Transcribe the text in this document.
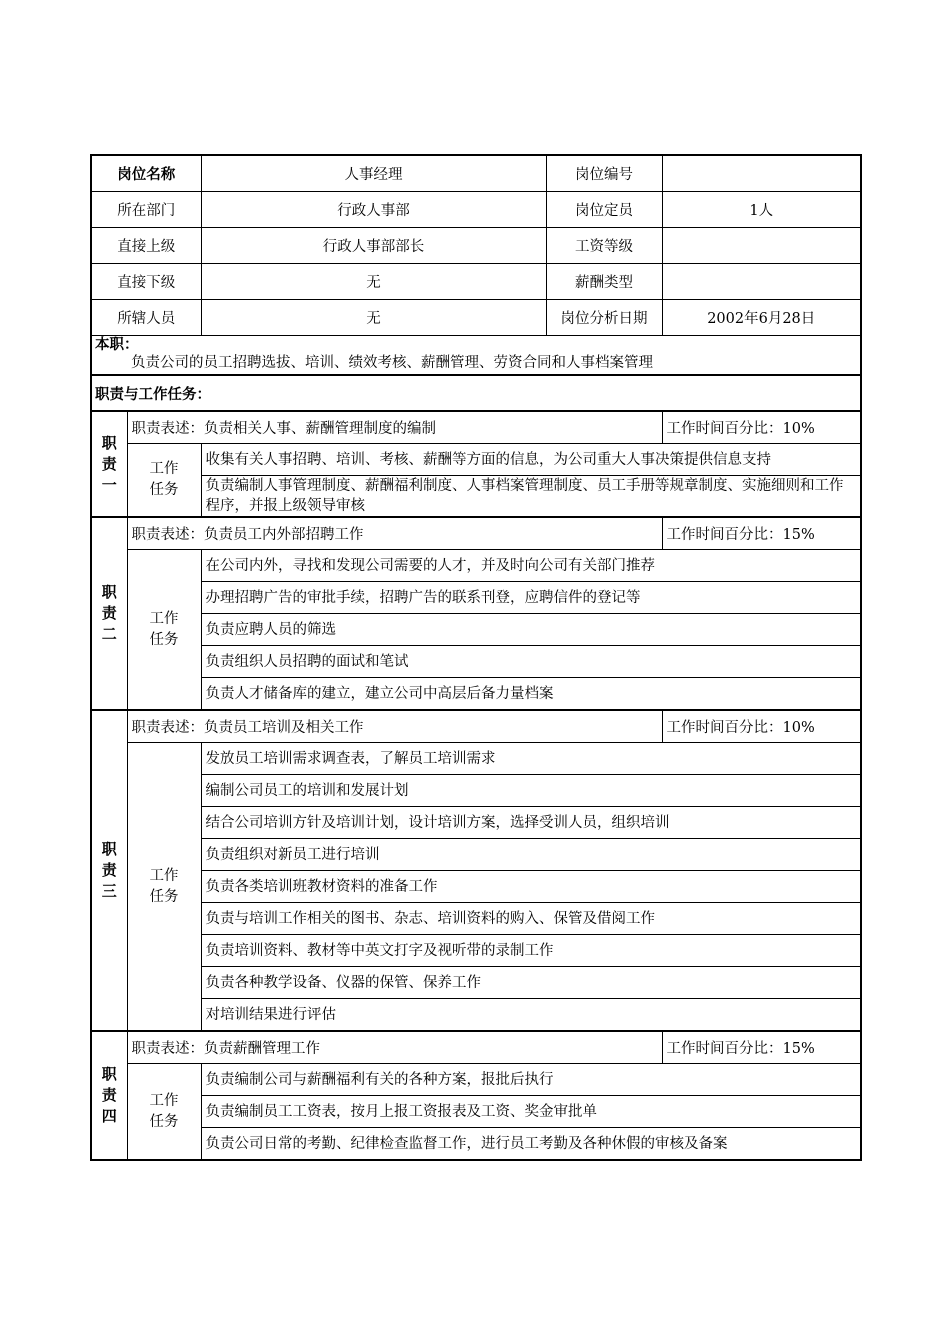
岗位名称		人事经理	岗位编号	
所在部门		行政人事部	岗位定员	1人
直接上级		行政人事部部长	工资等级	
直接下级		无	薪酬类型	
所辖人员		无	岗位分析日期	2002年6月28日

本职：
负责公司的员工招聘选拔、培训、绩效考核、薪酬管理、劳资合同和人事档案管理				

职责与工作任务：				

职
责
一	职责表述：负责相关人事、薪酬管理制度的编制			工作时间百分比：10%

	工作
任务	收集有关人事招聘、培训、考核、薪酬等方面的信息，为公司重大人事决策提供信息支持		
		负责编制人事管理制度、薪酬福利制度、人事档案管理制度、员工手册等规章制度、实施细则和工作程序，并报上级领导审核		

职
责
二	职责表述：负责员工内外部招聘工作			工作时间百分比：15%

	工作
任务	在公司内外，寻找和发现公司需要的人才，并及时向公司有关部门推荐		
		办理招聘广告的审批手续，招聘广告的联系刊登，应聘信件的登记等		
		负责应聘人员的筛选		
		负责组织人员招聘的面试和笔试		
		负责人才储备库的建立，建立公司中高层后备力量档案		

职
责
三	职责表述：负责员工培训及相关工作			工作时间百分比：10%

	工作
任务	发放员工培训需求调查表，了解员工培训需求		
		编制公司员工的培训和发展计划		
		结合公司培训方针及培训计划，设计培训方案，选择受训人员，组织培训		
		负责组织对新员工进行培训		
		负责各类培训班教材资料的准备工作		
		负责与培训工作相关的图书、杂志、培训资料的购入、保管及借阅工作		
		负责培训资料、教材等中英文打字及视听带的录制工作		
		负责各种教学设备、仪器的保管、保养工作		
		对培训结果进行评估		

职
责
四	职责表述：负责薪酬管理工作			工作时间百分比：15%

	工作
任务	负责编制公司与薪酬福利有关的各种方案，报批后执行		
		负责编制员工工资表，按月上报工资报表及工资、奖金审批单		
		负责公司日常的考勤、纪律检查监督工作，进行员工考勤及各种休假的审核及备案		
